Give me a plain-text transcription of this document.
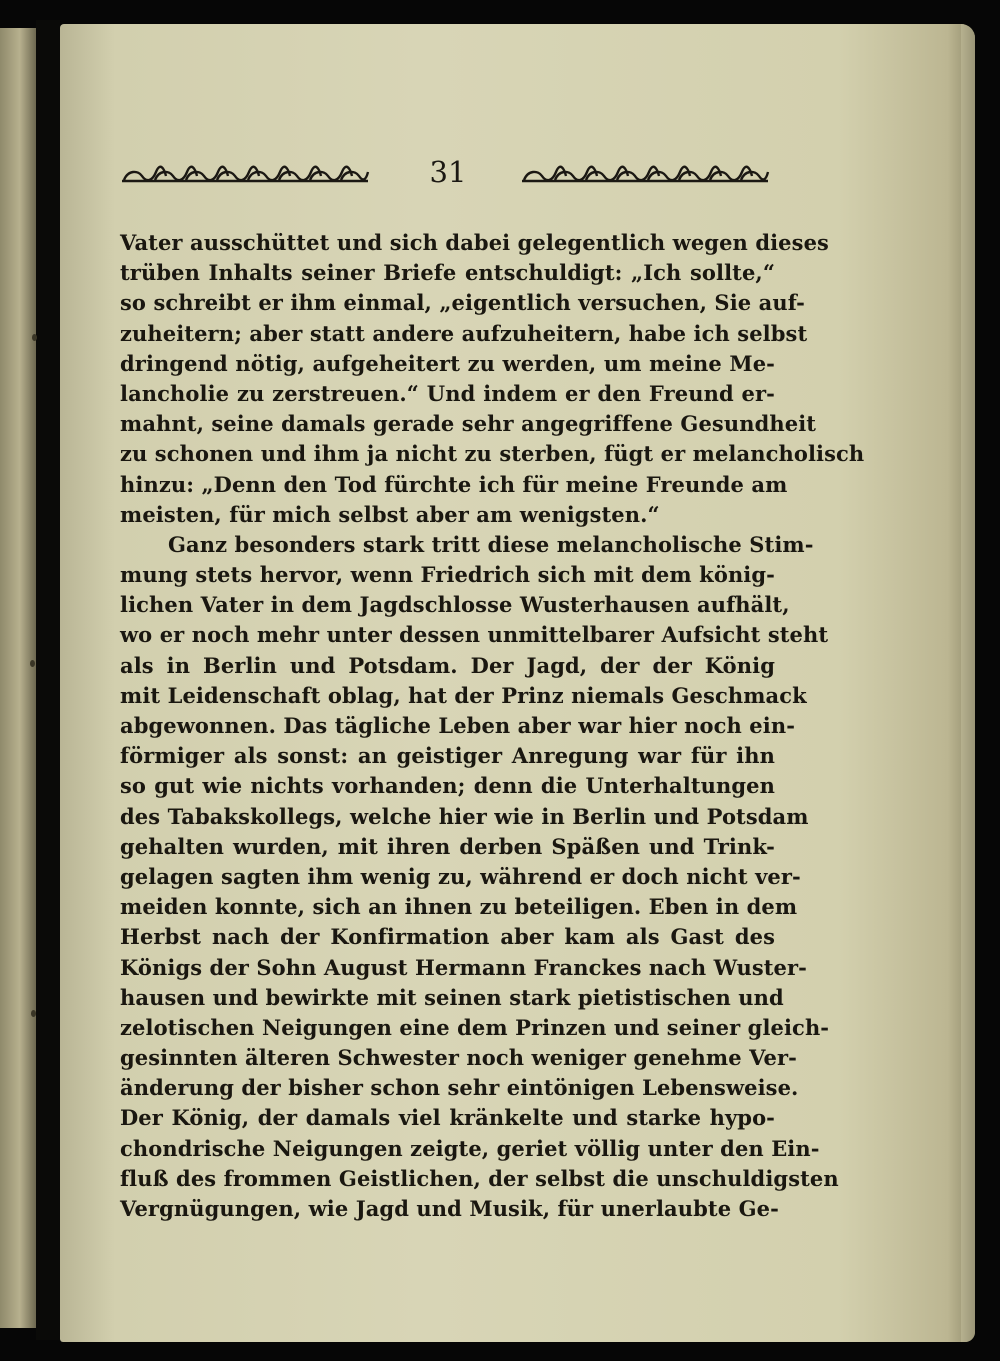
31
Vater ausschüttet und sich dabei gelegentlich wegen dieses
trüben Inhalts seiner Briefe entschuldigt: „Ich sollte,“
so schreibt er ihm einmal, „eigentlich versuchen, Sie auf-
zuheitern; aber statt andere aufzuheitern, habe ich selbst
dringend nötig, aufgeheitert zu werden, um meine Me-
lancholie zu zerstreuen.“ Und indem er den Freund er-
mahnt, seine damals gerade sehr angegriffene Gesundheit
zu schonen und ihm ja nicht zu sterben, fügt er melancholisch
hinzu: „Denn den Tod fürchte ich für meine Freunde am
meisten, für mich selbst aber am wenigsten.“
Ganz besonders stark tritt diese melancholische Stim-
mung stets hervor, wenn Friedrich sich mit dem könig-
lichen Vater in dem Jagdschlosse Wusterhausen aufhält,
wo er noch mehr unter dessen unmittelbarer Aufsicht steht
als in Berlin und Potsdam. Der Jagd, der der König
mit Leidenschaft oblag, hat der Prinz niemals Geschmack
abgewonnen. Das tägliche Leben aber war hier noch ein-
förmiger als sonst: an geistiger Anregung war für ihn
so gut wie nichts vorhanden; denn die Unterhaltungen
des Tabakskollegs, welche hier wie in Berlin und Potsdam
gehalten wurden, mit ihren derben Späßen und Trink-
gelagen sagten ihm wenig zu, während er doch nicht ver-
meiden konnte, sich an ihnen zu beteiligen. Eben in dem
Herbst nach der Konfirmation aber kam als Gast des
Königs der Sohn August Hermann Franckes nach Wuster-
hausen und bewirkte mit seinen stark pietistischen und
zelotischen Neigungen eine dem Prinzen und seiner gleich-
gesinnten älteren Schwester noch weniger genehme Ver-
änderung der bisher schon sehr eintönigen Lebensweise.
Der König, der damals viel kränkelte und starke hypo-
chondrische Neigungen zeigte, geriet völlig unter den Ein-
fluß des frommen Geistlichen, der selbst die unschuldigsten
Vergnügungen, wie Jagd und Musik, für unerlaubte Ge-
